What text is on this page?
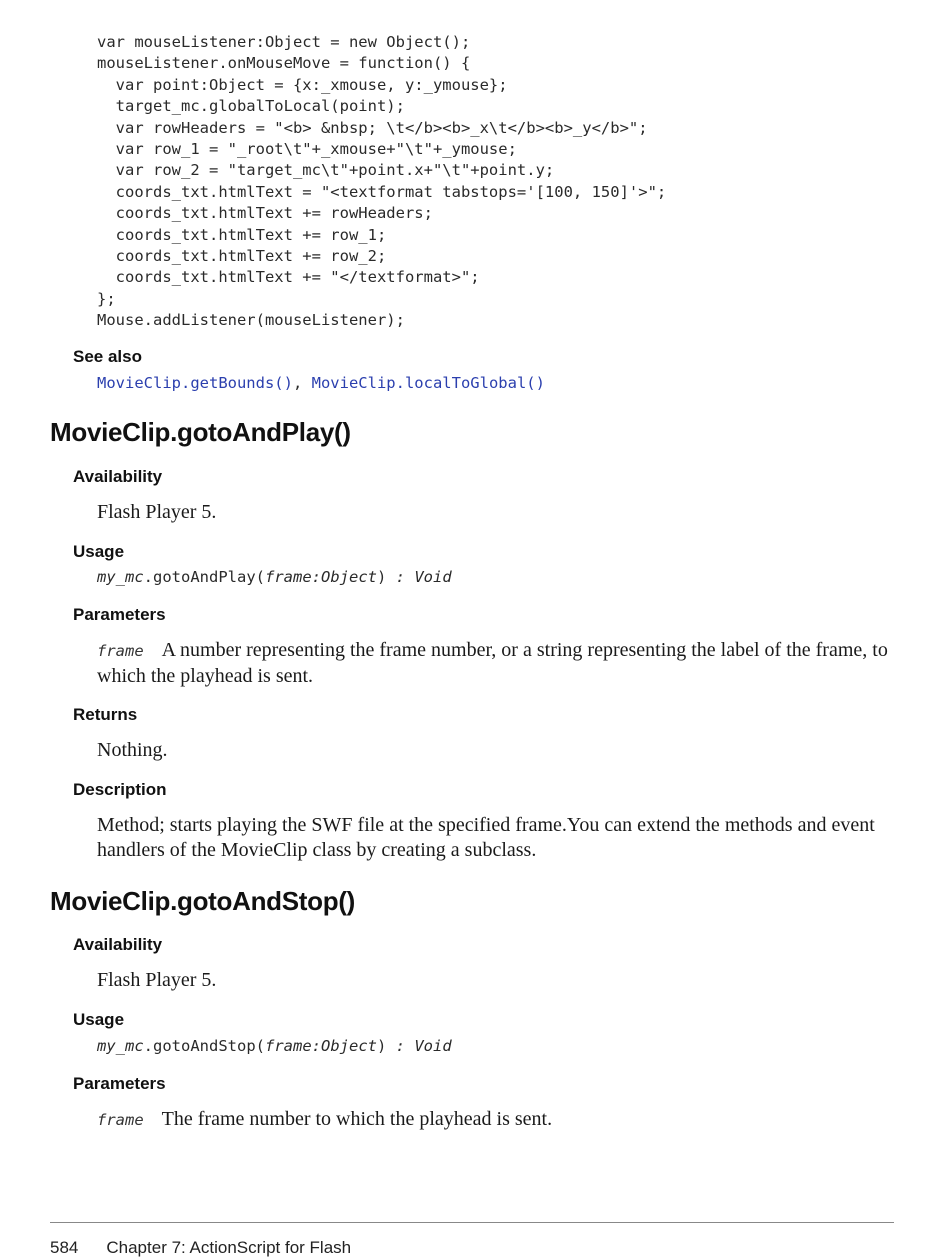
var mouseListener:Object = new Object();
mouseListener.onMouseMove = function() {
var point:Object = {x:_xmouse, y:_ymouse};
target_mc.globalToLocal(point);
var rowHeaders = "<b> &nbsp; \t</b><b>_x\t</b><b>_y</b>";
var row_1 = "_root\t"+_xmouse+"\t"+_ymouse;
var row_2 = "target_mc\t"+point.x+"\t"+point.y;
coords_txt.htmlText = "<textformat tabstops='[100, 150]'>";
coords_txt.htmlText += rowHeaders;
coords_txt.htmlText += row_1;
coords_txt.htmlText += row_2;
coords_txt.htmlText += "</textformat>";
};
Mouse.addListener(mouseListener);
See also
MovieClip.getBounds(), MovieClip.localToGlobal()
MovieClip.gotoAndPlay()
Availability
Flash Player 5.
Usage
my_mc.gotoAndPlay(frame:Object) : Void
Parameters
frame A number representing the frame number, or a string representing the label of the frame, to which the playhead is sent.
Returns
Nothing.
Description
Method; starts playing the SWF file at the specified frame.You can extend the methods and event handlers of the MovieClip class by creating a subclass.
MovieClip.gotoAndStop()
Availability
Flash Player 5.
Usage
my_mc.gotoAndStop(frame:Object) : Void
Parameters
frame The frame number to which the playhead is sent.
584 Chapter 7: ActionScript for Flash
